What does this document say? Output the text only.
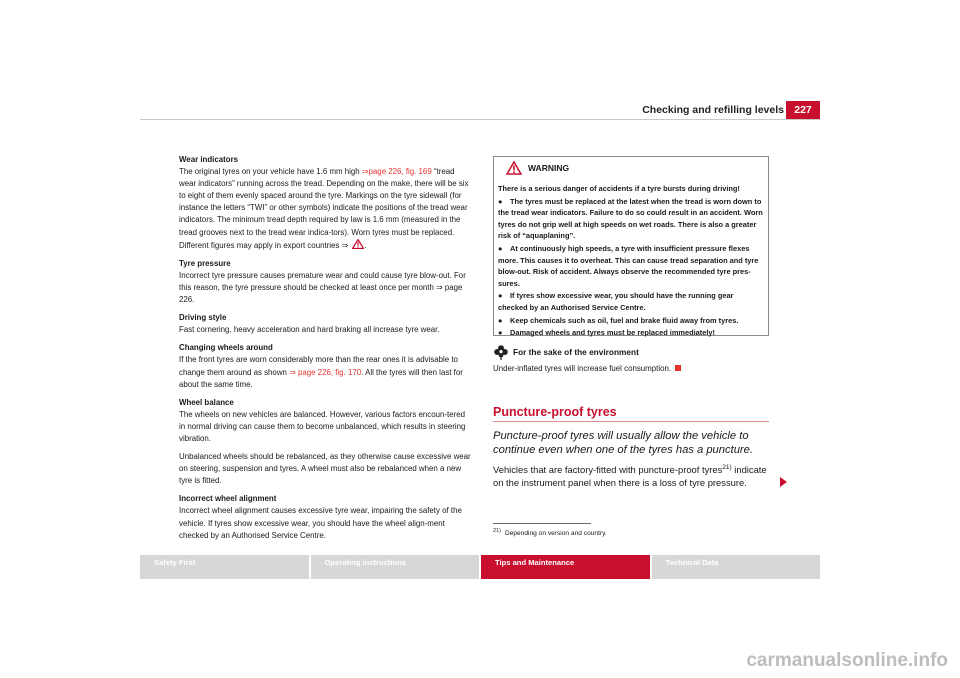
Checking and refilling levels 227

Wear indicators
The original tyres on your vehicle have 1.6 mm high ⇒page 226, fig. 169 “tread wear indicators” running across the tread. Depending on the make, there will be six to eight of them evenly spaced around the tyre. Markings on the tyre sidewall (for instance the letters “TWI” or other symbols) indicate the positions of the tread wear indicators. The minimum tread depth required by law is 1.6 mm (measured in the tread grooves next to the tread wear indica-tors). Worn tyres must be replaced. Different figures may apply in export countries ⇒ .

Tyre pressure
Incorrect tyre pressure causes premature wear and could cause tyre blow-out. For this reason, the tyre pressure should be checked at least once per month ⇒ page 226.

Driving style
Fast cornering, heavy acceleration and hard braking all increase tyre wear.

Changing wheels around
If the front tyres are worn considerably more than the rear ones it is advisable to change them around as shown ⇒ page 226, fig. 170. All the tyres will then last for about the same time.

Wheel balance
The wheels on new vehicles are balanced. However, various factors encoun-tered in normal driving can cause them to become unbalanced, which results in steering vibration.

Unbalanced wheels should be rebalanced, as they otherwise cause excessive wear on steering, suspension and tyres. A wheel must also be rebalanced when a new tyre is fitted.

Incorrect wheel alignment
Incorrect wheel alignment causes excessive tyre wear, impairing the safety of the vehicle. If tyres show excessive wear, you should have the wheel align-ment checked by an Authorised Service Centre.

WARNING

There is a serious danger of accidents if a tyre bursts during driving!

● The tyres must be replaced at the latest when the tread is worn down to the tread wear indicators. Failure to do so could result in an accident. Worn tyres do not grip well at high speeds on wet roads. There is also a greater risk of “aquaplaning”.

● At continuously high speeds, a tyre with insufficient pressure flexes more. This causes it to overheat. This can cause tread separation and tyre blow-out. Risk of accident. Always observe the recommended tyre pres-sures.

● If tyres show excessive wear, you should have the running gear checked by an Authorised Service Centre.

● Keep chemicals such as oil, fuel and brake fluid away from tyres.

● Damaged wheels and tyres must be replaced immediately!

For the sake of the environment
Under-inflated tyres will increase fuel consumption.
Puncture-proof tyres
Puncture-proof tyres will usually allow the vehicle to continue even when one of the tyres has a puncture.
Vehicles that are factory-fitted with puncture-proof tyres$^{21)}$ indicate on the instrument panel when there is a loss of tyre pressure.
$^{21)}$ Depending on version and country.
Safety First	Operating instructions	Tips and Maintenance	Technical Data
carmanualsonline.info
